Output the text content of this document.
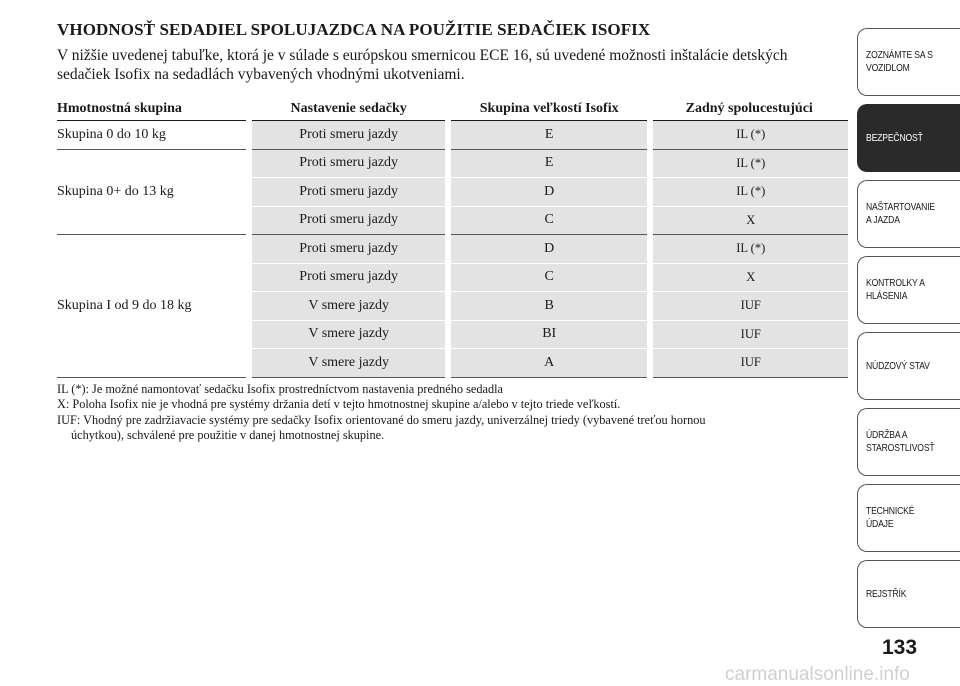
VHODNOSŤ SEDADIEL SPOLUJAZDCA NA POUŽITIE SEDAČIEK ISOFIX

V nižšie uvedenej tabuľke, ktorá je v súlade s európskou smernicou ECE 16, sú uvedené možnosti inštalácie detských sedačiek Isofix na sedadlách vybavených vhodnými ukotveniami.

Hmotnostná skupina	Nastavenie sedačky	Skupina veľkostí Isofix	Zadný spolucestujúci
Skupina 0 do 10 kg	Proti smeru jazdy	E	IL (*)
Skupina 0+ do 13 kg	Proti smeru jazdy	E	IL (*)
	Proti smeru jazdy	D	IL (*)
	Proti smeru jazdy	C	X
Skupina I od 9 do 18 kg	Proti smeru jazdy	D	IL (*)
	Proti smeru jazdy	C	X
	V smere jazdy	B	IUF
	V smere jazdy	BI	IUF
	V smere jazdy	A	IUF

IL (*): Je možné namontovať sedačku Isofix prostredníctvom nastavenia predného sedadla

X: Poloha Isofix nie je vhodná pre systémy držania detí v tejto hmotnostnej skupine a/alebo v tejto triede veľkostí.

IUF: Vhodný pre zadržiavacie systémy pre sedačky Isofix orientované do smeru jazdy, univerzálnej triedy (vybavené treťou hornou

úchytkou), schválené pre použitie v danej hmotnostnej skupine.

ZOZNÁMTE SA S VOZIDLOM
BEZPEČNOSŤ
NAŠTARTOVANIE A JAZDA
KONTROLKY A HLÁSENIA
NÚDZOVÝ STAV
ÚDRŽBA A STAROSTLIVOSŤ
TECHNICKÉ ÚDAJE
REJSTŘÍK
133
carmanualsonline.info
